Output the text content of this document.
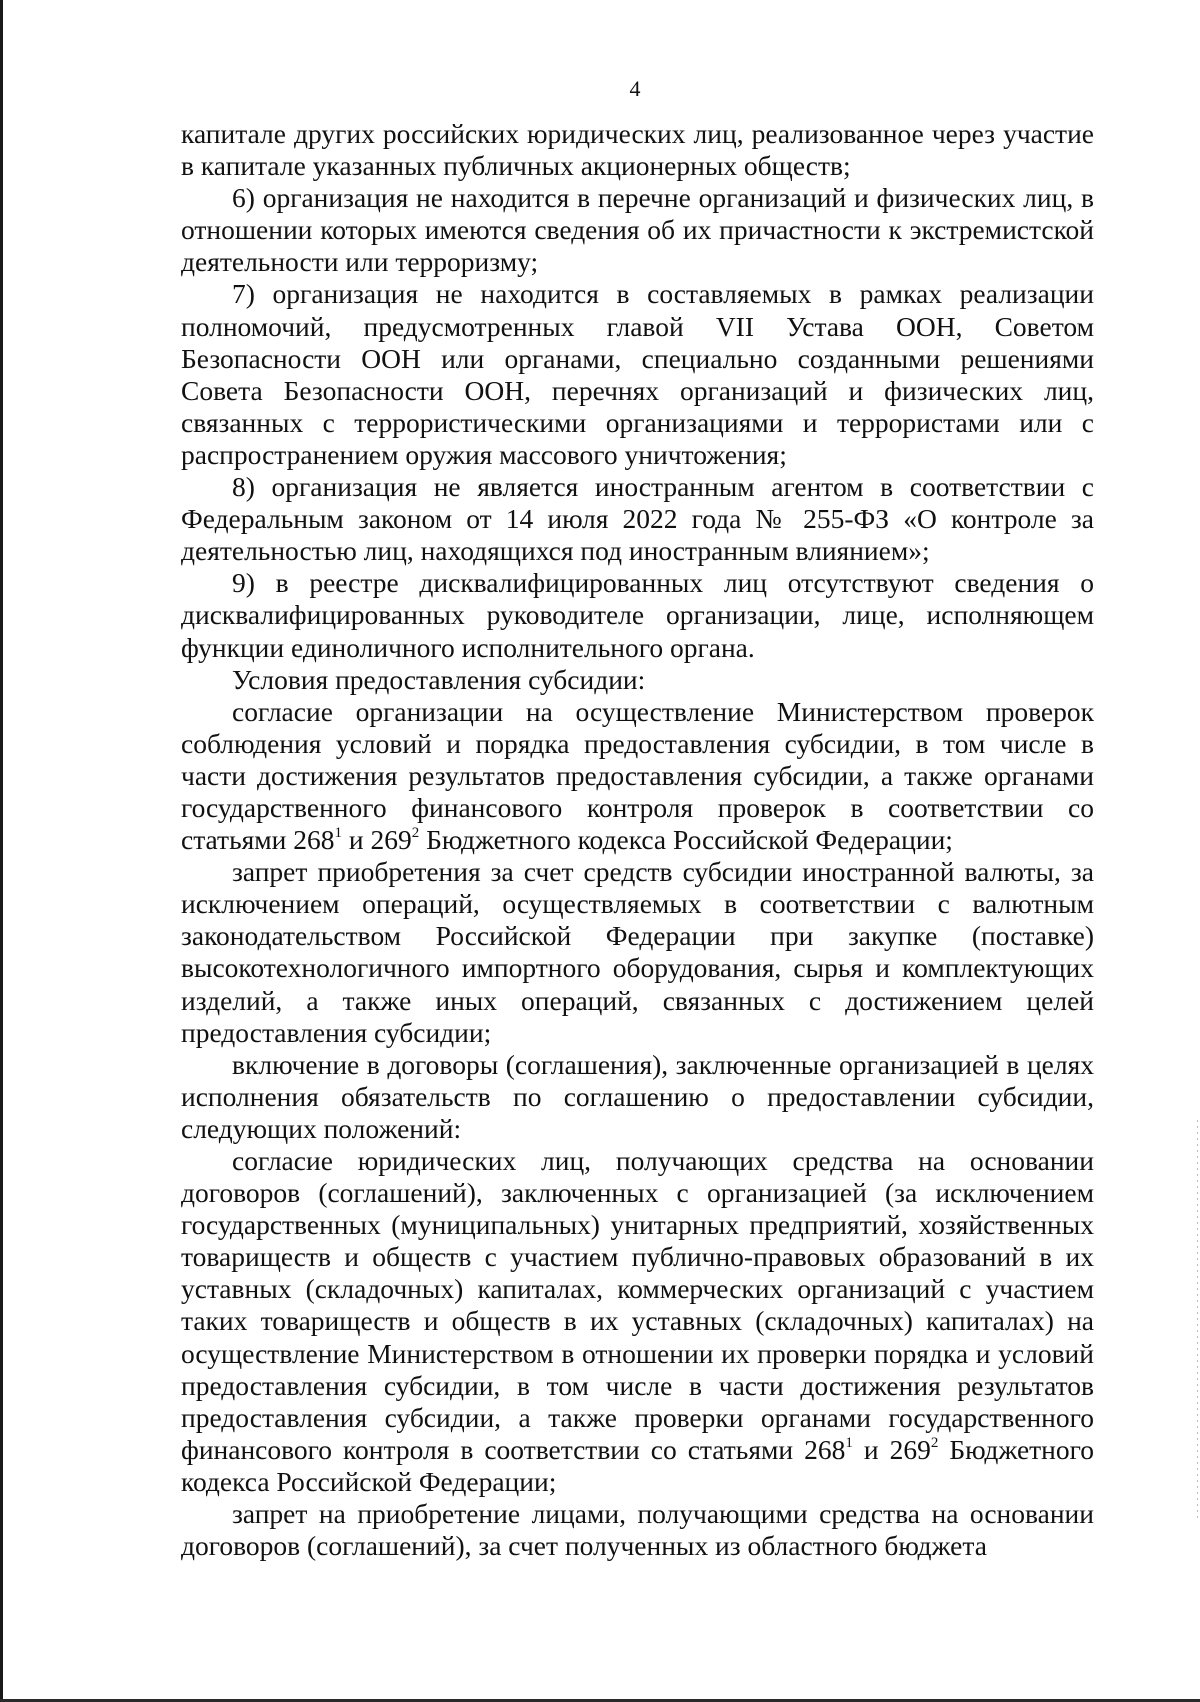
4

капитале других российских юридических лиц, реализованное через участие в капитале указанных публичных акционерных обществ;

6) организация не находится в перечне организаций и физических лиц, в отношении которых имеются сведения об их причастности к экстремистской деятельности или терроризму;

7) организация не находится в составляемых в рамках реализации полномочий, предусмотренных главой VII Устава ООН, Советом Безопасности ООН или органами, специально созданными решениями Совета Безопасности ООН, перечнях организаций и физических лиц, связанных с террористическими организациями и террористами или с распространением оружия массового уничтожения;

8) организация не является иностранным агентом в соответствии с Федеральным законом от 14 июля 2022 года № 255-ФЗ «О контроле за деятельностью лиц, находящихся под иностранным влиянием»;

9) в реестре дисквалифицированных лиц отсутствуют сведения о дисквалифицированных руководителе организации, лице, исполняющем функции единоличного исполнительного органа.

Условия предоставления субсидии:

согласие организации на осуществление Министерством проверок соблюдения условий и порядка предоставления субсидии, в том числе в части достижения результатов предоставления субсидии, а также органами государственного финансового контроля проверок в соответствии со статьями $268^1$ и $269^2$ Бюджетного кодекса Российской Федерации;

запрет приобретения за счет средств субсидии иностранной валюты, за исключением операций, осуществляемых в соответствии с валютным законодательством Российской Федерации при закупке (поставке) высокотехнологичного импортного оборудования, сырья и комплектующих изделий, а также иных операций, связанных с достижением целей предоставления субсидии;

включение в договоры (соглашения), заключенные организацией в целях исполнения обязательств по соглашению о предоставлении субсидии, следующих положений:

согласие юридических лиц, получающих средства на основании договоров (соглашений), заключенных с организацией (за исключением государственных (муниципальных) унитарных предприятий, хозяйственных товариществ и обществ с участием публично-правовых образований в их уставных (складочных) капиталах, коммерческих организаций с участием таких товариществ и обществ в их уставных (складочных) капиталах) на осуществление Министерством в отношении их проверки порядка и условий предоставления субсидии, в том числе в части достижения результатов предоставления субсидии, а также проверки органами государственного финансового контроля в соответствии со статьями $268^1$ и $269^2$ Бюджетного кодекса Российской Федерации;

запрет на приобретение лицами, получающими средства на основании договоров (соглашений), за счет полученных из областного бюджета
